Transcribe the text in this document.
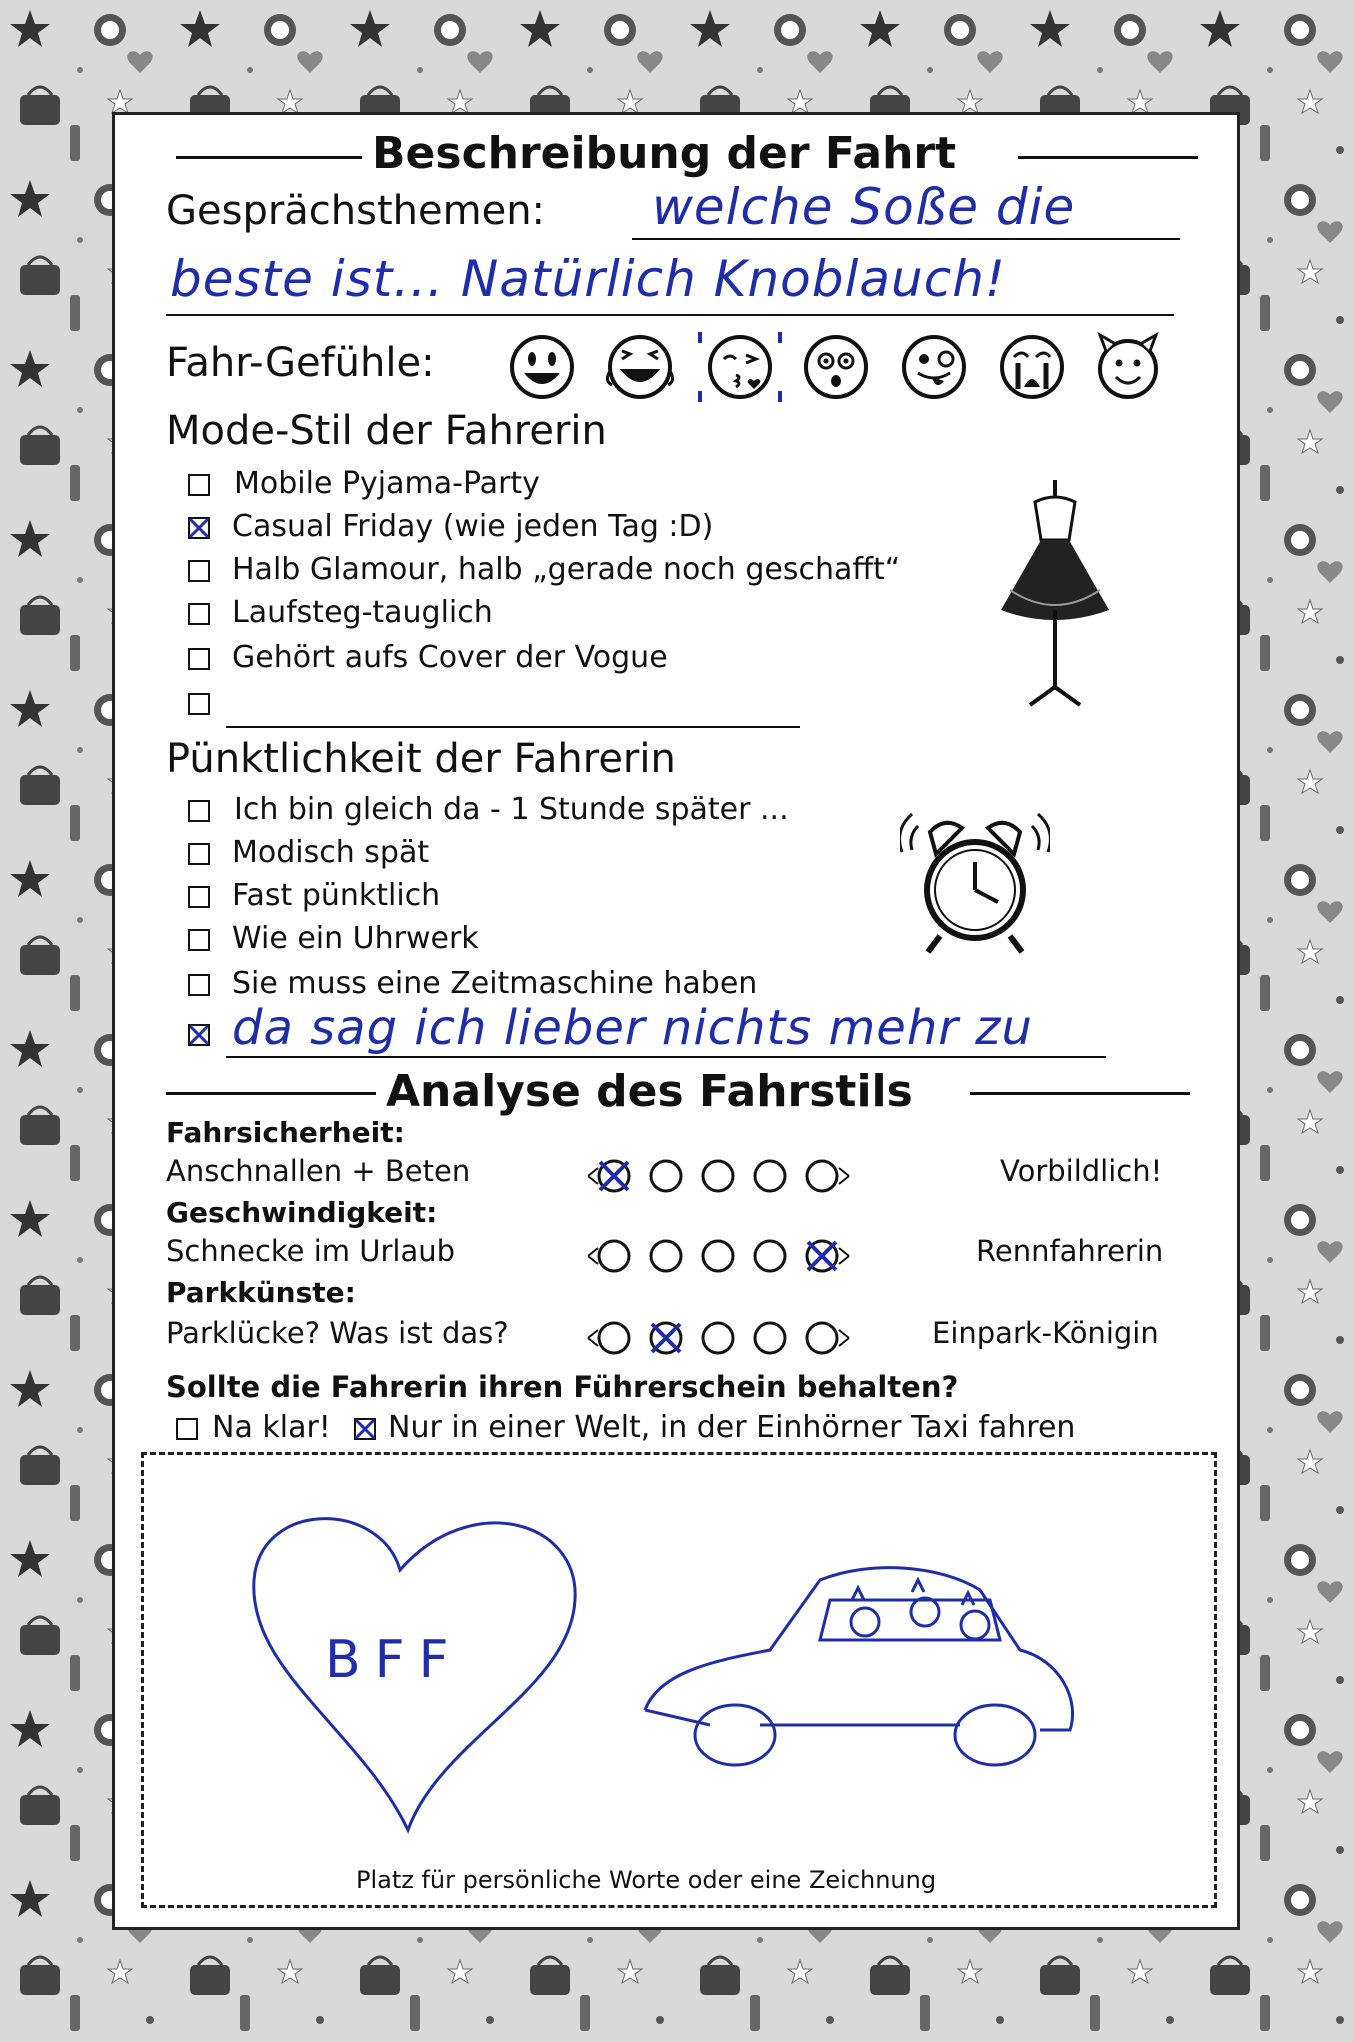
Beschreibung der Fahrt
Gesprächsthemen: welche Soße die
beste ist... Natürlich Knoblauch!
Fahr-Gefühle:
Mode-Stil der Fahrerin
Mobile Pyjama-Party
Casual Friday (wie jeden Tag :D)
Halb Glamour, halb „gerade noch geschafft“
Laufsteg-tauglich
Gehört aufs Cover der Vogue
Pünktlichkeit der Fahrerin
Ich bin gleich da - 1 Stunde später ...
Modisch spät
Fast pünktlich
Wie ein Uhrwerk
Sie muss eine Zeitmaschine haben
da sag ich lieber nichts mehr zu
Analyse des Fahrstils
Fahrsicherheit:
Anschnallen + Beten	Vorbildlich!
Geschwindigkeit:
Schnecke im Urlaub	Rennfahrerin
Parkkünste:
Parklücke? Was ist das?	Einpark-Königin
Sollte die Fahrerin ihren Führerschein behalten?
Na klar! Nur in einer Welt, in der Einhörner Taxi fahren
BFF
Platz für persönliche Worte oder eine Zeichnung
